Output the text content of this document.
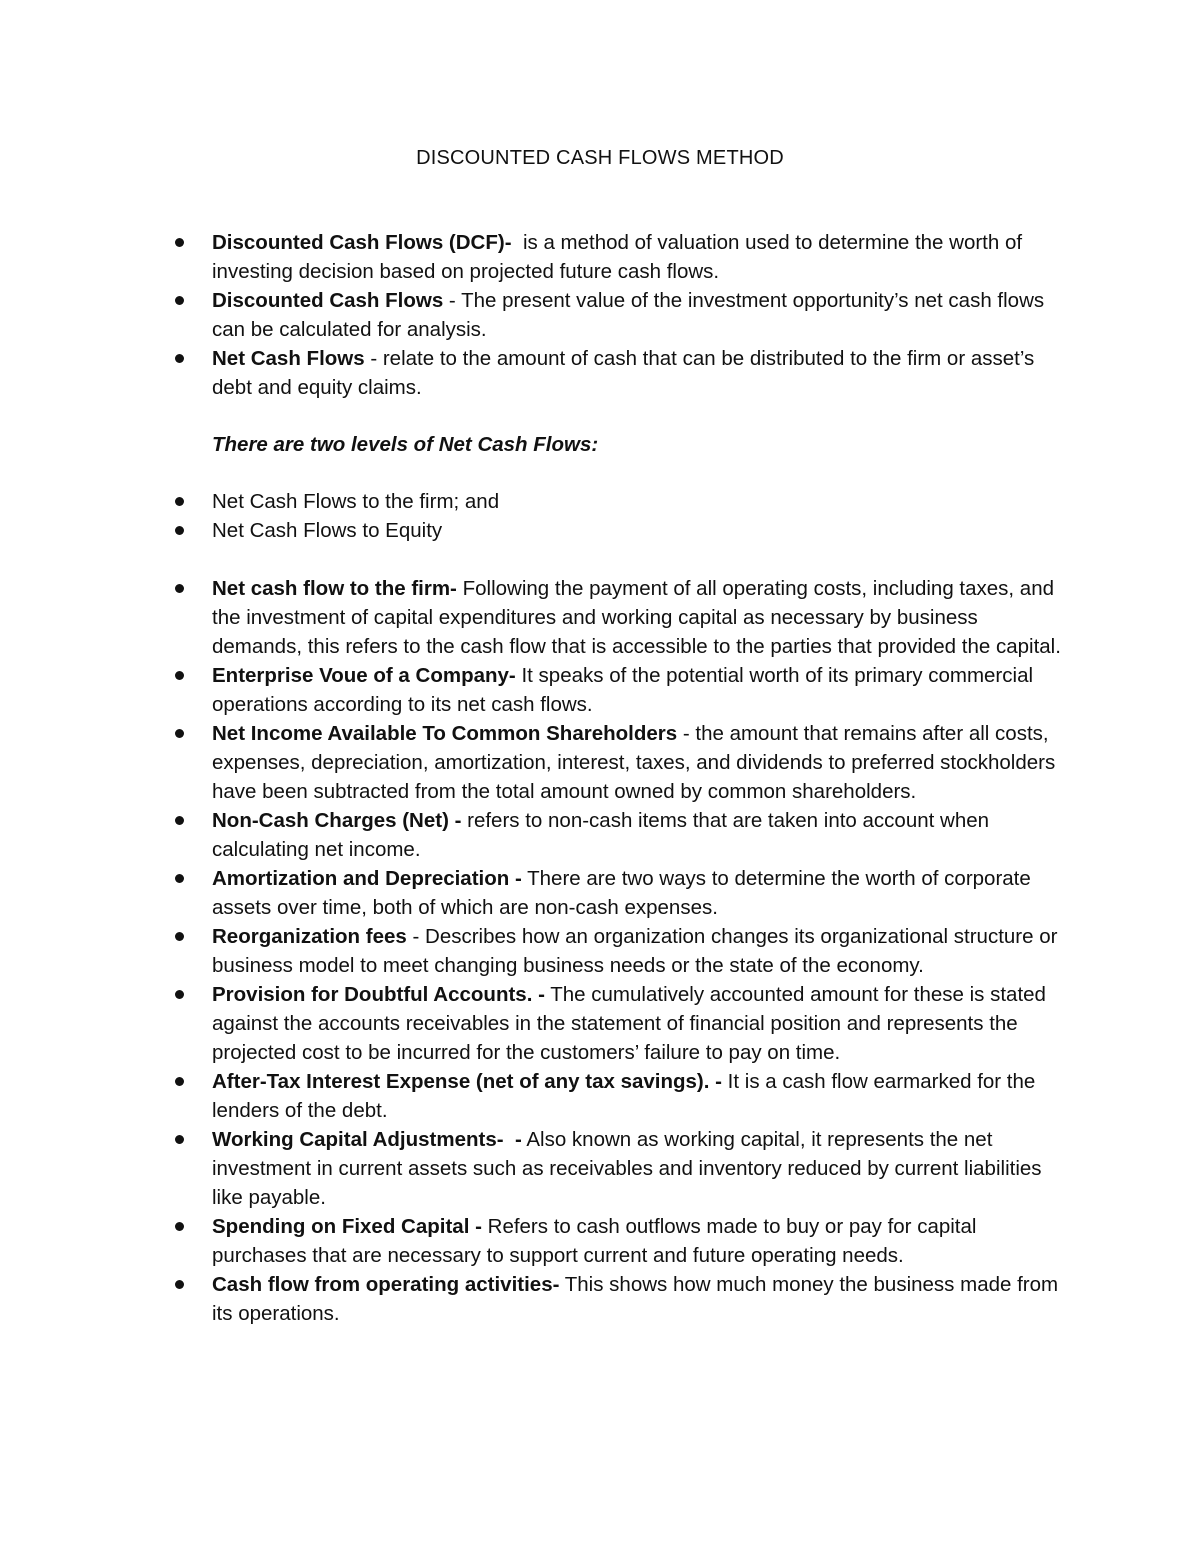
DISCOUNTED CASH FLOWS METHOD
Discounted Cash Flows (DCF)-  is a method of valuation used to determine the worth of investing decision based on projected future cash flows.
Discounted Cash Flows - The present value of the investment opportunity’s net cash flows can be calculated for analysis.
Net Cash Flows - relate to the amount of cash that can be distributed to the firm or asset’s debt and equity claims.
There are two levels of Net Cash Flows:
Net Cash Flows to the firm; and
Net Cash Flows to Equity
Net cash flow to the firm- Following the payment of all operating costs, including taxes, and the investment of capital expenditures and working capital as necessary by business demands, this refers to the cash flow that is accessible to the parties that provided the capital.
Enterprise Voue of a Company- It speaks of the potential worth of its primary commercial operations according to its net cash flows.
Net Income Available To Common Shareholders - the amount that remains after all costs, expenses, depreciation, amortization, interest, taxes, and dividends to preferred stockholders have been subtracted from the total amount owned by common shareholders.
Non-Cash Charges (Net) - refers to non-cash items that are taken into account when calculating net income.
Amortization and Depreciation - There are two ways to determine the worth of corporate assets over time, both of which are non-cash expenses.
Reorganization fees - Describes how an organization changes its organizational structure or business model to meet changing business needs or the state of the economy.
Provision for Doubtful Accounts. - The cumulatively accounted amount for these is stated against the accounts receivables in the statement of financial position and represents the projected cost to be incurred for the customers’ failure to pay on time.
After-Tax Interest Expense (net of any tax savings). - It is a cash flow earmarked for the lenders of the debt.
Working Capital Adjustments-  - Also known as working capital, it represents the net investment in current assets such as receivables and inventory reduced by current liabilities like payable.
Spending on Fixed Capital - Refers to cash outflows made to buy or pay for capital purchases that are necessary to support current and future operating needs.
Cash flow from operating activities- This shows how much money the business made from its operations.
